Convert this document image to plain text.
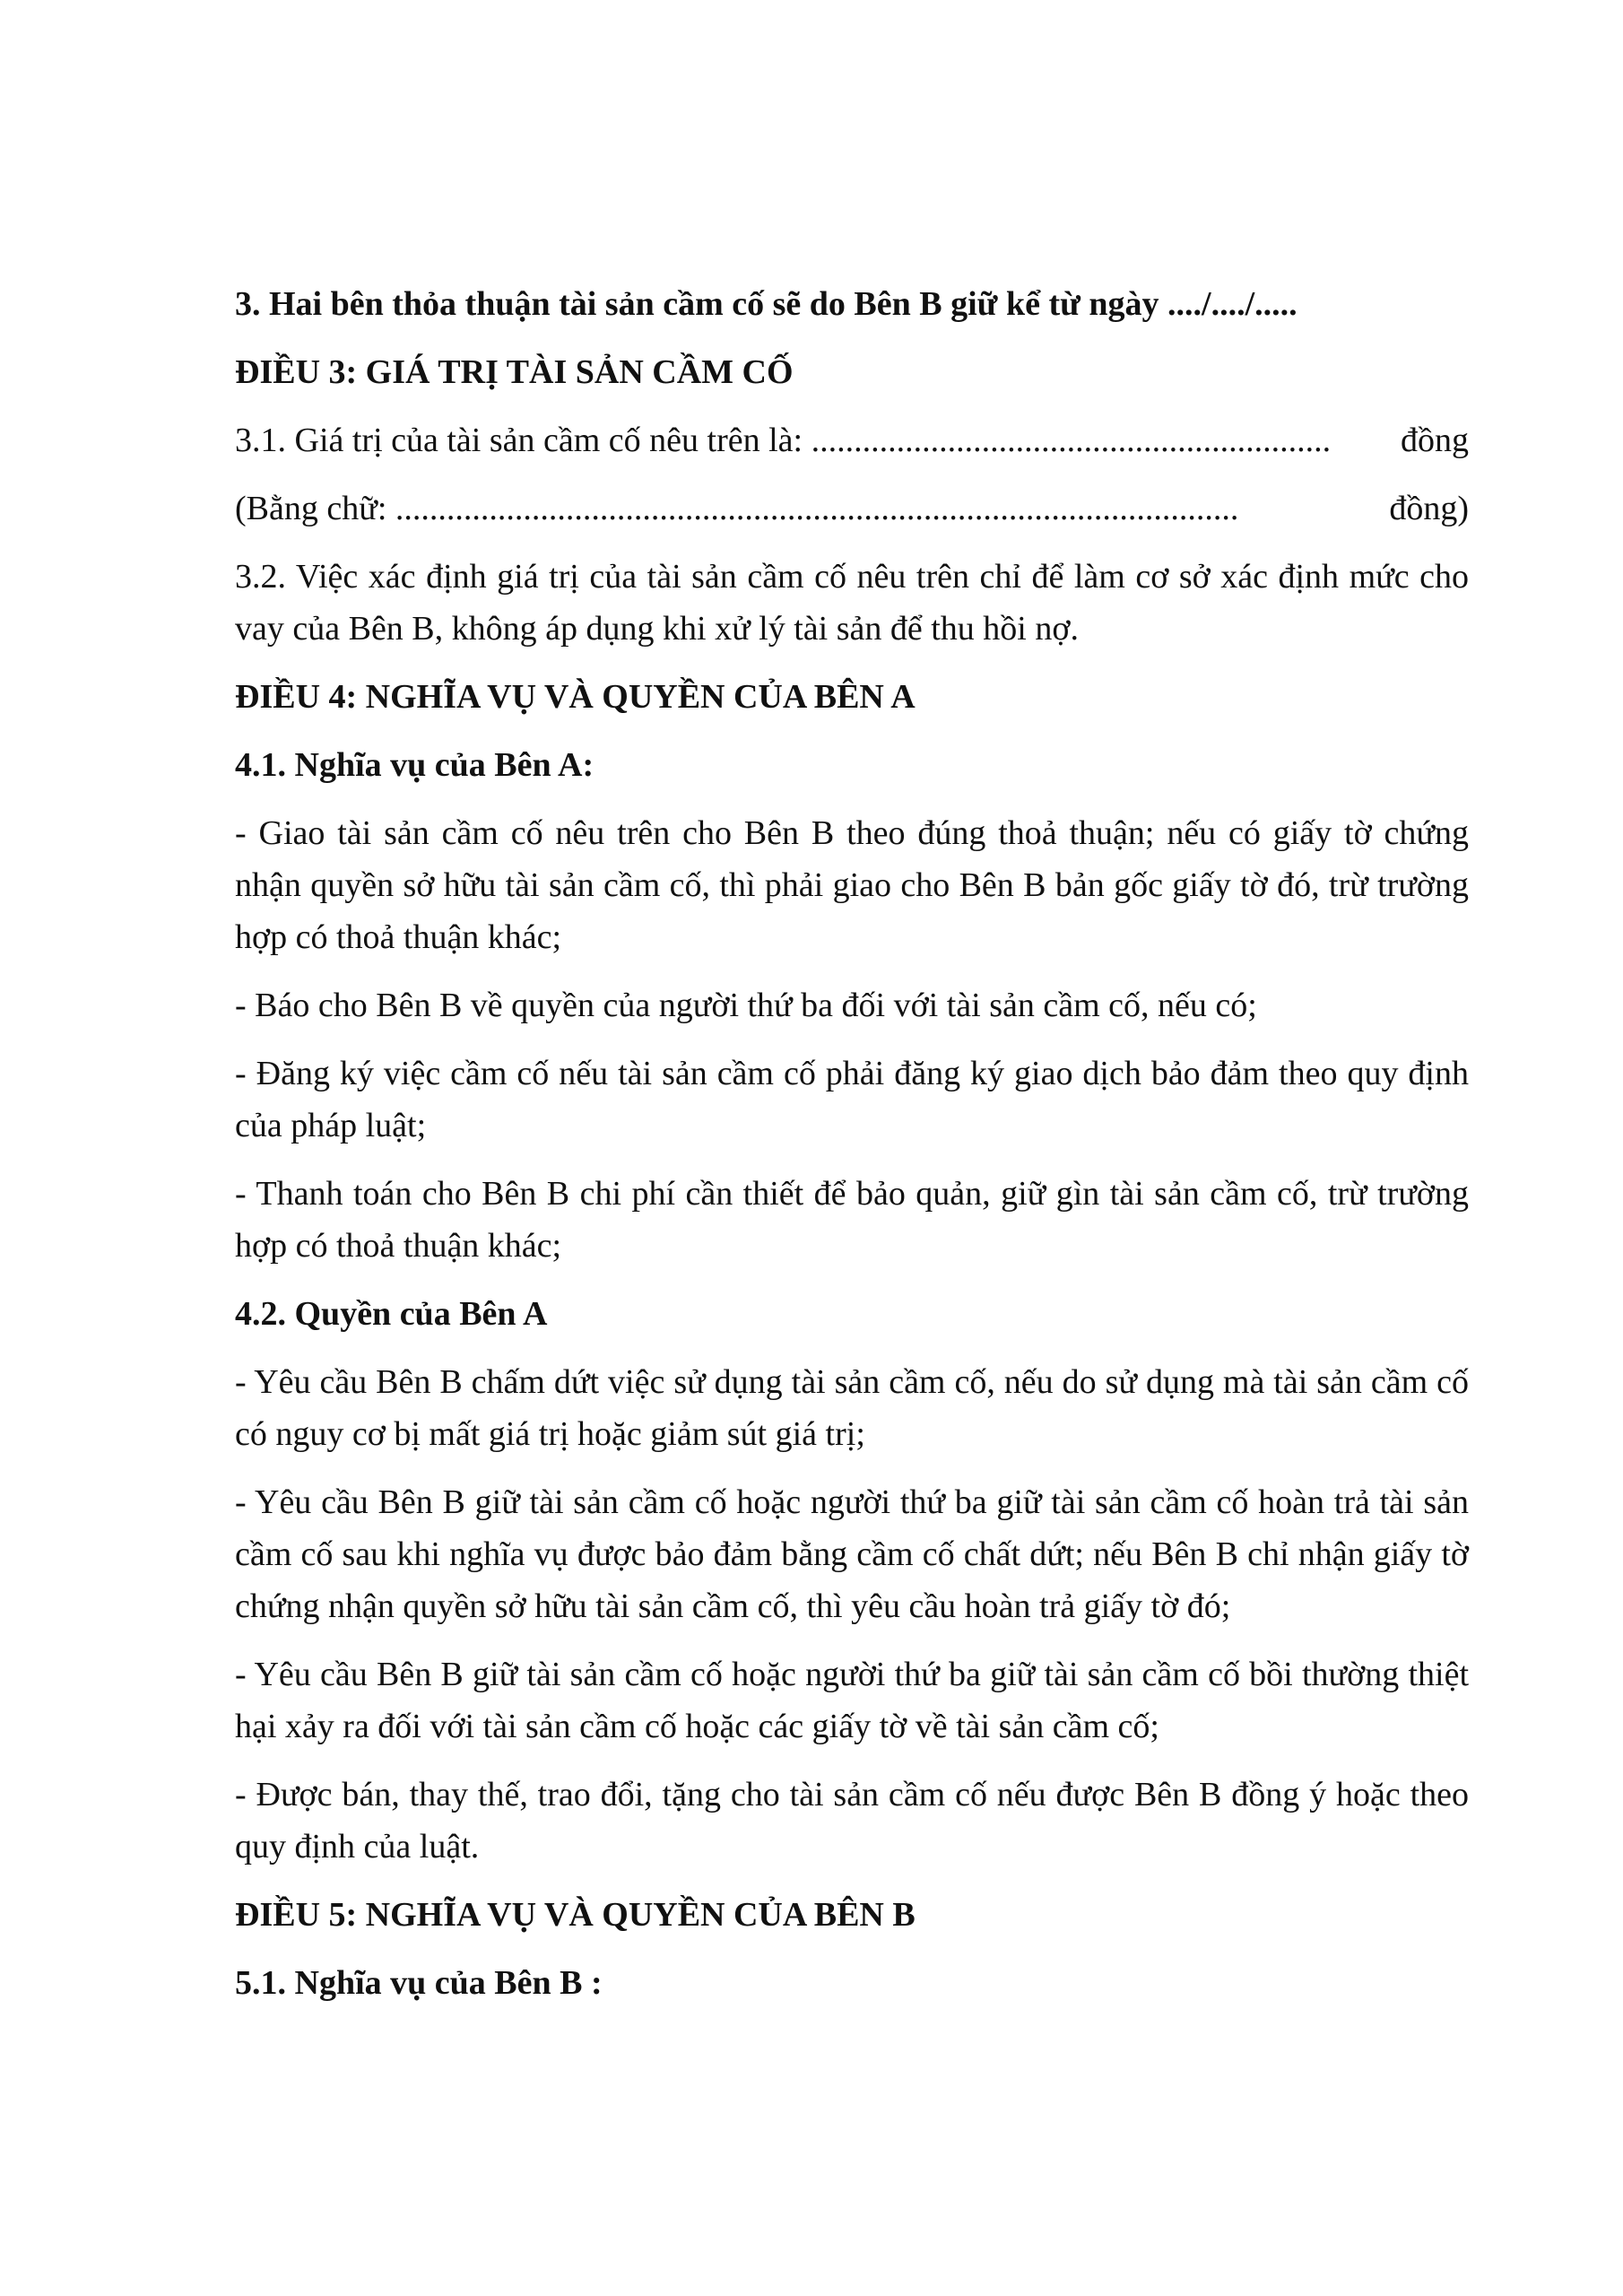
3. Hai bên thỏa thuận tài sản cầm cố sẽ do Bên B giữ kể từ ngày ..../..../.....

ĐIỀU 3: GIÁ TRỊ TÀI SẢN CẦM CỐ

3.1. Giá trị của tài sản cầm cố nêu trên là: ............................................................. đồng
(Bằng chữ: ...................................................................................................	đồng)

3.2. Việc xác định giá trị của tài sản cầm cố nêu trên chỉ để làm cơ sở xác định mức cho vay của Bên B, không áp dụng khi xử lý tài sản để thu hồi nợ.

ĐIỀU 4: NGHĨA VỤ VÀ QUYỀN CỦA BÊN A

4.1. Nghĩa vụ của Bên A:

- Giao tài sản cầm cố nêu trên cho Bên B theo đúng thoả thuận; nếu có giấy tờ chứng nhận quyền sở hữu tài sản cầm cố, thì phải giao cho Bên B bản gốc giấy tờ đó, trừ trường hợp có thoả thuận khác;

- Báo cho Bên B về quyền của người thứ ba đối với tài sản cầm cố, nếu có;

- Đăng ký việc cầm cố nếu tài sản cầm cố phải đăng ký giao dịch bảo đảm theo quy định của pháp luật;

- Thanh toán cho Bên B chi phí cần thiết để bảo quản, giữ gìn tài sản cầm cố, trừ trường hợp có thoả thuận khác;

4.2. Quyền của Bên A

- Yêu cầu Bên B chấm dứt việc sử dụng tài sản cầm cố, nếu do sử dụng mà tài sản cầm cố có nguy cơ bị mất giá trị hoặc giảm sút giá trị;

- Yêu cầu Bên B giữ tài sản cầm cố hoặc người thứ ba giữ tài sản cầm cố hoàn trả tài sản cầm cố sau khi nghĩa vụ được bảo đảm bằng cầm cố chất dứt; nếu Bên B chỉ nhận giấy tờ chứng nhận quyền sở hữu tài sản cầm cố, thì yêu cầu hoàn trả giấy tờ đó;

- Yêu cầu Bên B giữ tài sản cầm cố hoặc người thứ ba giữ tài sản cầm cố bồi thường thiệt hại xảy ra đối với tài sản cầm cố hoặc các giấy tờ về tài sản cầm cố;

- Được bán, thay thế, trao đổi, tặng cho tài sản cầm cố nếu được Bên B đồng ý hoặc theo quy định của luật.

ĐIỀU 5: NGHĨA VỤ VÀ QUYỀN CỦA BÊN B

5.1. Nghĩa vụ của Bên B :
